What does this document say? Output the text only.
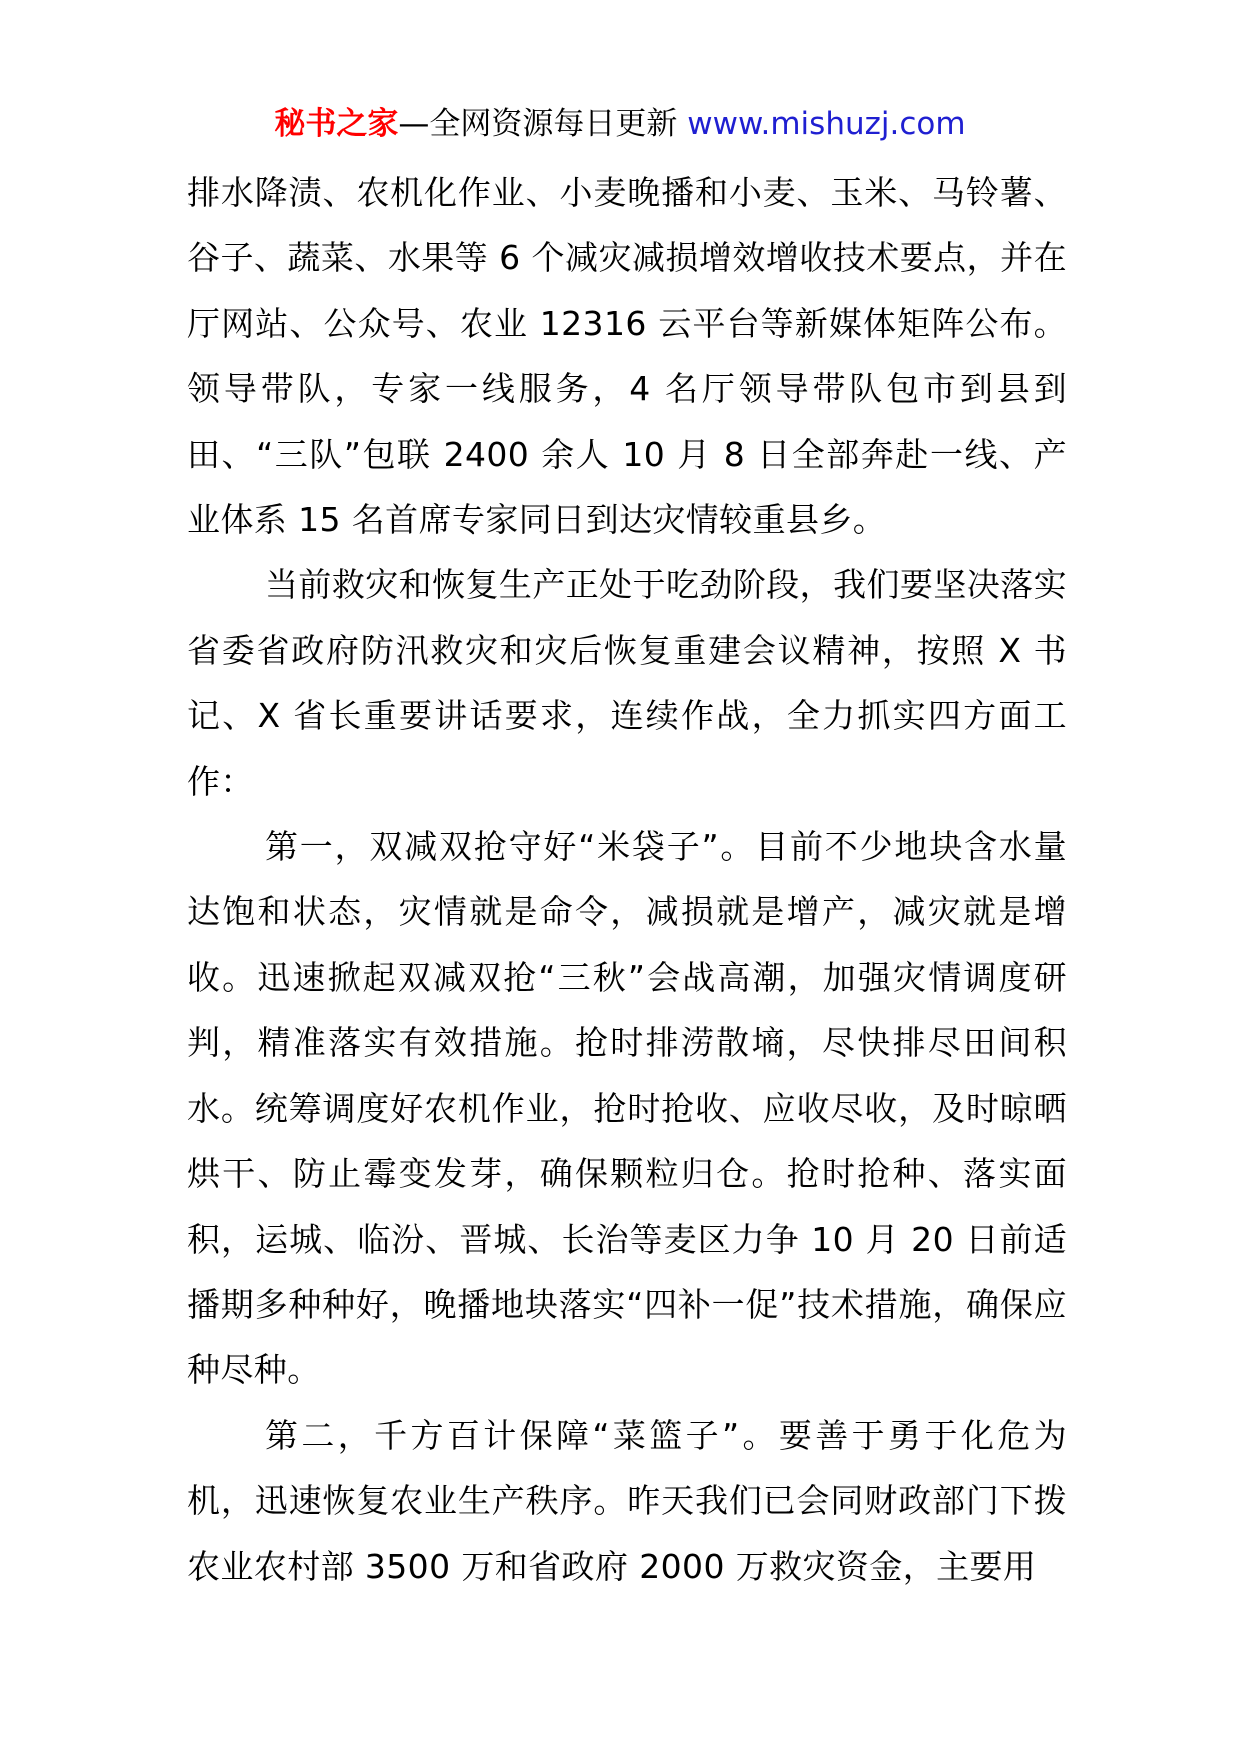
秘书之家—全网资源每日更新 www.mishuzj.com

排水降渍、农机化作业、小麦晚播和小麦、玉米、马铃薯、谷子、蔬菜、水果等 6 个减灾减损增效增收技术要点，并在厅网站、公众号、农业 12316 云平台等新媒体矩阵公布。领导带队，专家一线服务，4 名厅领导带队包市到县到田、“三队”包联 2400 余人 10 月 8 日全部奔赴一线、产业体系 15 名首席专家同日到达灾情较重县乡。

当前救灾和恢复生产正处于吃劲阶段，我们要坚决落实省委省政府防汛救灾和灾后恢复重建会议精神，按照 X 书记、X 省长重要讲话要求，连续作战，全力抓实四方面工作：

第一，双减双抢守好“米袋子”。目前不少地块含水量达饱和状态，灾情就是命令，减损就是增产，减灾就是增收。迅速掀起双减双抢“三秋”会战高潮，加强灾情调度研判，精准落实有效措施。抢时排涝散墒，尽快排尽田间积水。统筹调度好农机作业，抢时抢收、应收尽收，及时晾晒烘干、防止霉变发芽，确保颗粒归仓。抢时抢种、落实面积，运城、临汾、晋城、长治等麦区力争 10 月 20 日前适播期多种种好，晚播地块落实“四补一促”技术措施，确保应种尽种。

第二，千方百计保障“菜篮子”。要善于勇于化危为机，迅速恢复农业生产秩序。昨天我们已会同财政部门下拨农业农村部 3500 万和省政府 2000 万救灾资金，主要用
